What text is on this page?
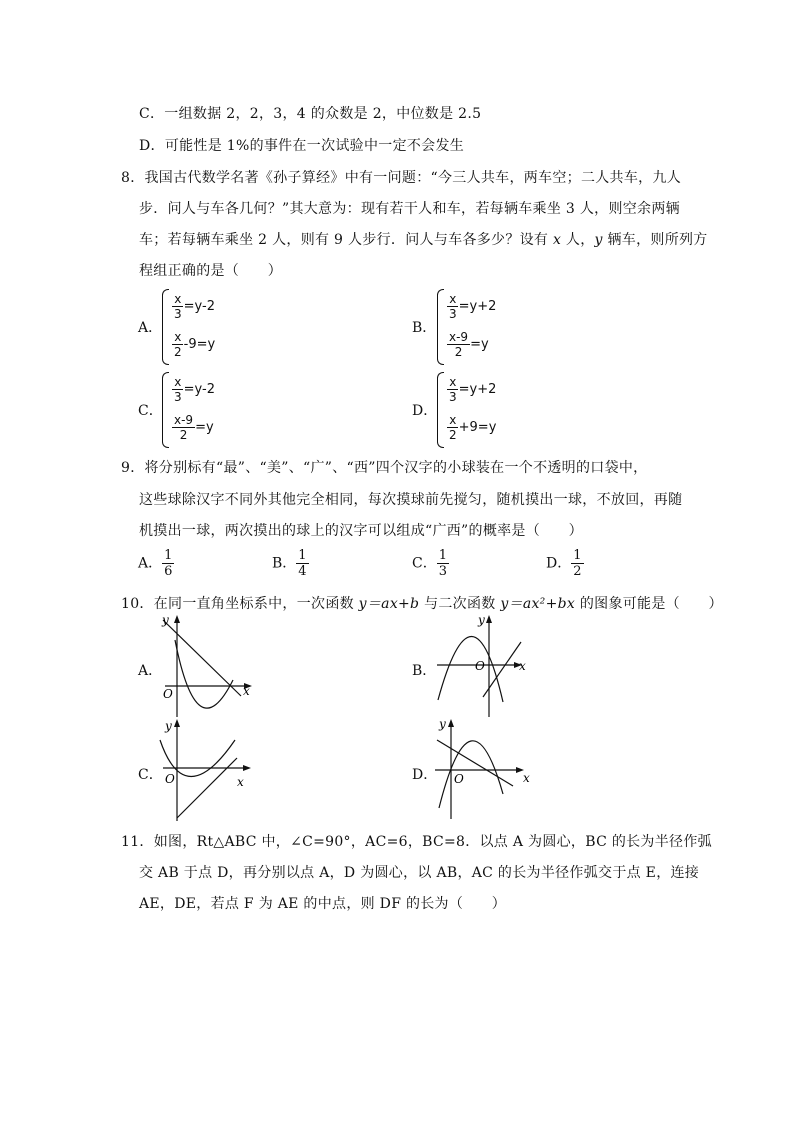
C．一组数据 2，2，3，4 的众数是 2，中位数是 2.5
D．可能性是 1%的事件在一次试验中一定不会发生
8．我国古代数学名著《孙子算经》中有一问题：“今三人共车，两车空；二人共车，九人
步．问人与车各几何？”其大意为：现有若干人和车，若每辆车乘坐 3 人，则空余两辆
车；若每辆车乘坐 2 人，则有 9 人步行．问人与车各多少？设有 x 人，y 辆车，则所列方
程组正确的是（　　）
A．
$\frac{x}{3} =y-2$
$\frac{x}{2} -9=y$
B．
$\frac{x}{3} =y+2$
$\frac{x-9}{2} =y$
C．
$\frac{x}{3} =y-2$
$\frac{x-9}{2} =y$
D．
$\frac{x}{3} =y+2$
$\frac{x}{2} +9=y$
9．将分别标有“最”、“美”、“广”、“西”四个汉字的小球装在一个不透明的口袋中，
这些球除汉字不同外其他完全相同，每次摸球前先搅匀，随机摸出一球，不放回，再随
机摸出一球，两次摸出的球上的汉字可以组成“广西”的概率是（　　）
A． $\frac{1}{6}$	B． $\frac{1}{4}$	C． $\frac{1}{3}$	D． $\frac{1}{2}$
10．在同一直角坐标系中，一次函数 y＝ax+b 与二次函数 y＝ax²+bx 的图象可能是（　　）
A．
y
x
O
B．
y
x
O
C．
y
x
O	D．
y
x
O
11．如图，Rt△ABC 中，∠C=90°，AC=6，BC=8．以点 A 为圆心，BC 的长为半径作弧
交 AB 于点 D，再分别以点 A，D 为圆心，以 AB，AC 的长为半径作弧交于点 E，连接
AE，DE，若点 F 为 AE 的中点，则 DF 的长为（　　）
